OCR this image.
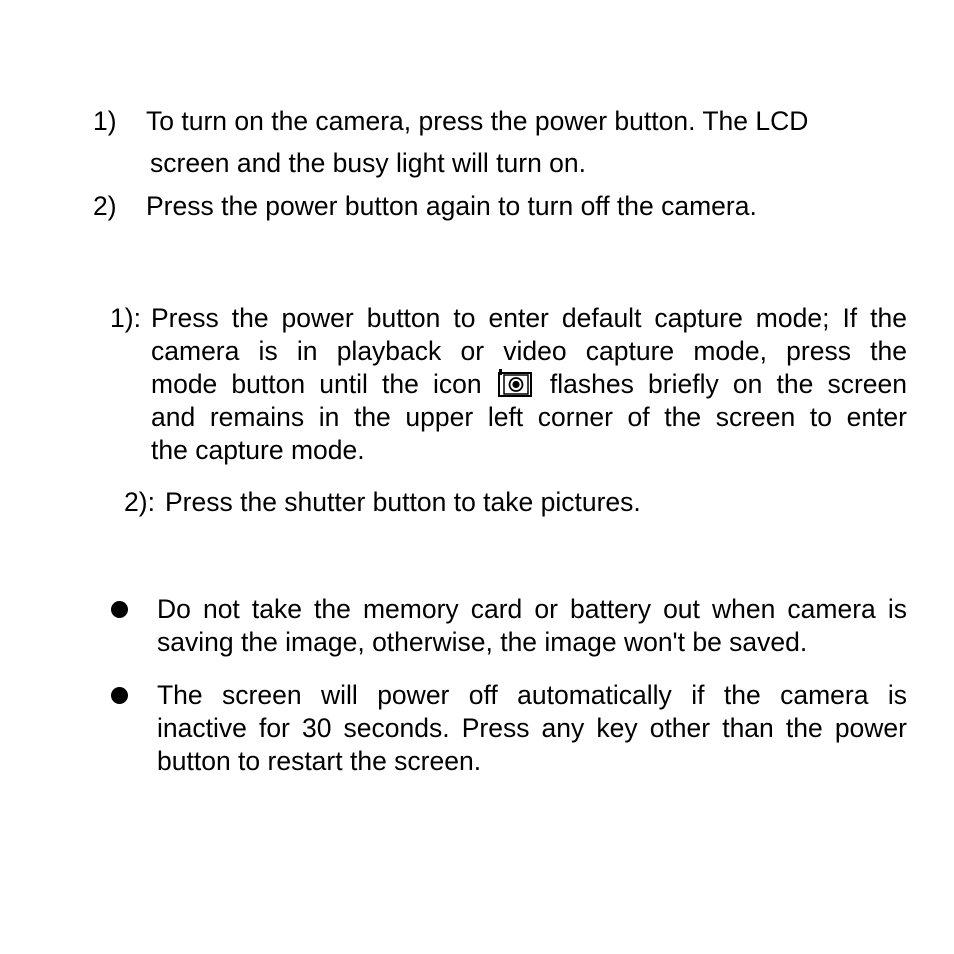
1) To turn on the camera, press the power button. The LCD
screen and the busy light will turn on.
2) Press the power button again to turn off the camera.
1): Press the power button to enter default capture mode; If the
camera is in playback or video capture mode, press the
mode button until the icon	flashes briefly on the screen
and remains in the upper left corner of the screen to enter
the capture mode.
2): Press the shutter button to take pictures.
Do not take the memory card or battery out when camera is
saving the image, otherwise, the image won't be saved.
The screen will power off automatically if the camera is
inactive for 30 seconds. Press any key other than the power
button to restart the screen.
